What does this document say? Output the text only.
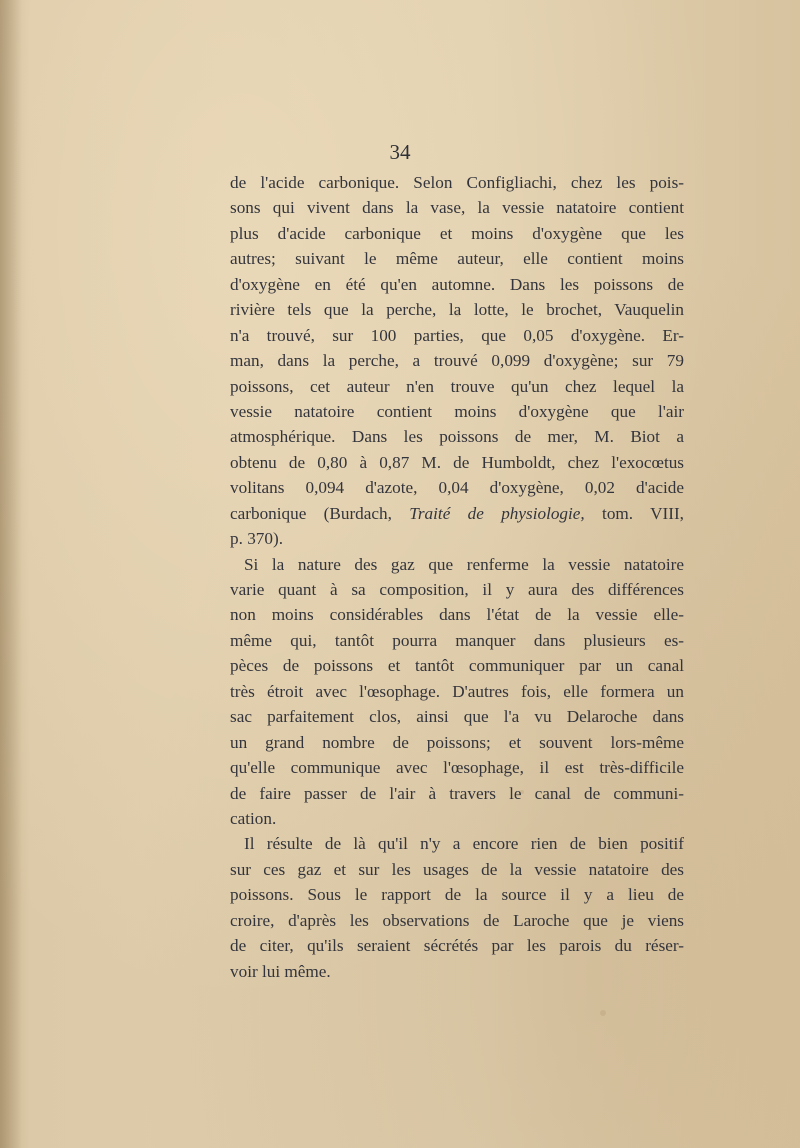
34
de l'acide carbonique. Selon Configliachi, chez les pois-
sons qui vivent dans la vase, la vessie natatoire contient
plus d'acide carbonique et moins d'oxygène que les
autres; suivant le même auteur, elle contient moins
d'oxygène en été qu'en automne. Dans les poissons de
rivière tels que la perche, la lotte, le brochet, Vauquelin
n'a trouvé, sur 100 parties, que 0,05 d'oxygène. Er-
man, dans la perche, a trouvé 0,099 d'oxygène; sur 79
poissons, cet auteur n'en trouve qu'un chez lequel la
vessie natatoire contient moins d'oxygène que l'air
atmosphérique. Dans les poissons de mer, M. Biot a
obtenu de 0,80 à 0,87 M. de Humboldt, chez l'exocœtus
volitans 0,094 d'azote, 0,04 d'oxygène, 0,02 d'acide
carbonique (Burdach, Traité de physiologie, tom. VIII,
p. 370).
Si la nature des gaz que renferme la vessie natatoire
varie quant à sa composition, il y aura des différences
non moins considérables dans l'état de la vessie elle-
même qui, tantôt pourra manquer dans plusieurs es-
pèces de poissons et tantôt communiquer par un canal
très étroit avec l'œsophage. D'autres fois, elle formera un
sac parfaitement clos, ainsi que l'a vu Delaroche dans
un grand nombre de poissons; et souvent lors-même
qu'elle communique avec l'œsophage, il est très-difficile
de faire passer de l'air à travers le canal de communi-
cation.
Il résulte de là qu'il n'y a encore rien de bien positif
sur ces gaz et sur les usages de la vessie natatoire des
poissons. Sous le rapport de la source il y a lieu de
croire, d'après les observations de Laroche que je viens
de citer, qu'ils seraient sécrétés par les parois du réser-
voir lui même.
